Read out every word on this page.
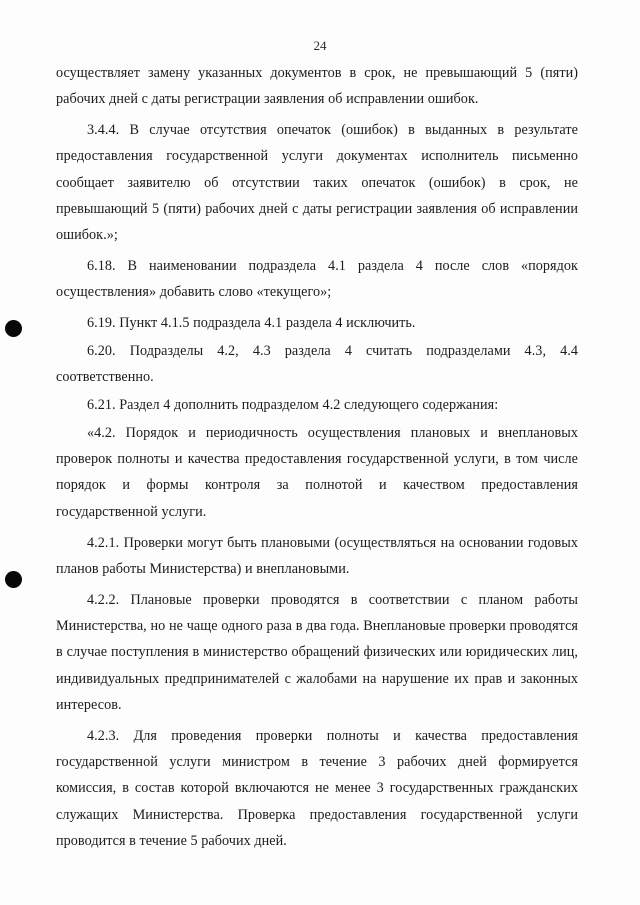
24

осуществляет замену указанных документов в срок, не превышающий 5 (пяти) рабочих дней с даты регистрации заявления об исправлении ошибок.

3.4.4. В случае отсутствия опечаток (ошибок) в выданных в результате предоставления государственной услуги документах исполнитель письменно сообщает заявителю об отсутствии таких опечаток (ошибок) в срок, не превышающий 5 (пяти) рабочих дней с даты регистрации заявления об исправлении ошибок.»;

6.18. В наименовании подраздела 4.1 раздела 4 после слов «порядок осуществления» добавить слово «текущего»;

6.19. Пункт 4.1.5 подраздела 4.1 раздела 4 исключить.

6.20. Подразделы 4.2, 4.3 раздела 4 считать подразделами 4.3, 4.4 соответственно.

6.21. Раздел 4 дополнить подразделом 4.2 следующего содержания:

«4.2. Порядок и периодичность осуществления плановых и внеплановых проверок полноты и качества предоставления государственной услуги, в том числе порядок и формы контроля за полнотой и качеством предоставления государственной услуги.

4.2.1. Проверки могут быть плановыми (осуществляться на основании годовых планов работы Министерства) и внеплановыми.

4.2.2. Плановые проверки проводятся в соответствии с планом работы Министерства, но не чаще одного раза в два года. Внеплановые проверки проводятся в случае поступления в министерство обращений физических или юридических лиц, индивидуальных предпринимателей с жалобами на нарушение их прав и законных интересов.

4.2.3. Для проведения проверки полноты и качества предоставления государственной услуги министром в течение 3 рабочих дней формируется комиссия, в состав которой включаются не менее 3 государственных гражданских служащих Министерства. Проверка предоставления государственной услуги проводится в течение 5 рабочих дней.
